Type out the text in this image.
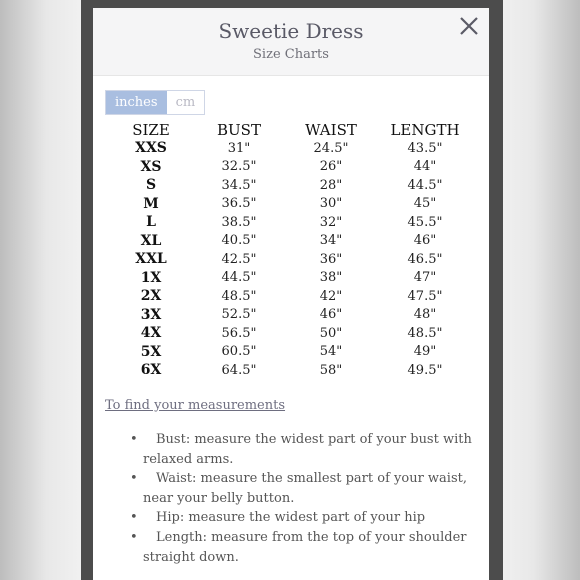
Sweetie Dress
Size Charts
inches	cm
SIZE	BUST	WAIST	LENGTH
XXS	31"	24.5"	43.5"
XS	32.5"	26"	44"
S	34.5"	28"	44.5"
M	36.5"	30"	45"
L	38.5"	32"	45.5"
XL	40.5"	34"	46"
XXL	42.5"	36"	46.5"
1X	44.5"	38"	47"
2X	48.5"	42"	47.5"
3X	52.5"	46"	48"
4X	56.5"	50"	48.5"
5X	60.5"	54"	49"
6X	64.5"	58"	49.5"
To find your measurements
• Bust: measure the widest part of your bust with relaxed arms.
• Waist: measure the smallest part of your waist, near your belly button.
• Hip: measure the widest part of your hip
• Length: measure from the top of your shoulder straight down.
